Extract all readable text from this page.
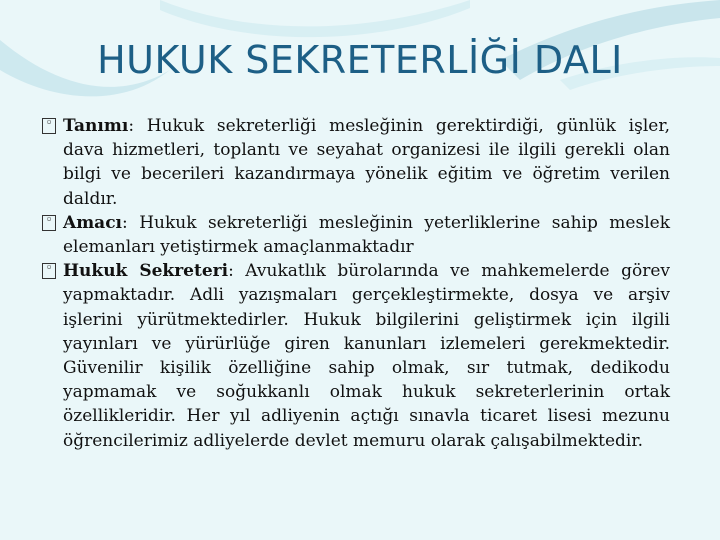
HUKUK SEKRETERLİĞİ DALI

▫ Tanımı: Hukuk sekreterliği mesleğinin gerektirdiği, günlük işler, dava hizmetleri, toplantı ve seyahat organizesi ile ilgili gerekli olan bilgi ve becerileri kazandırmaya yönelik eğitim ve öğretim verilen daldır.

▫ Amacı: Hukuk sekreterliği mesleğinin yeterliklerine sahip meslek elemanları yetiştirmek amaçlanmaktadır

▫ Hukuk Sekreteri: Avukatlık bürolarında ve mahkemelerde görev yapmaktadır. Adli yazışmaları gerçekleştirmekte, dosya ve arşiv işlerini yürütmektedirler. Hukuk bilgilerini geliştirmek için ilgili yayınları ve yürürlüğe giren kanunları izlemeleri gerekmektedir. Güvenilir kişilik özelliğine sahip olmak, sır tutmak, dedikodu yapmamak ve soğukkanlı olmak hukuk sekreterlerinin ortak özellikleridir. Her yıl adliyenin açtığı sınavla ticaret lisesi mezunu öğrencilerimiz adliyelerde devlet memuru olarak çalışabilmektedir.
